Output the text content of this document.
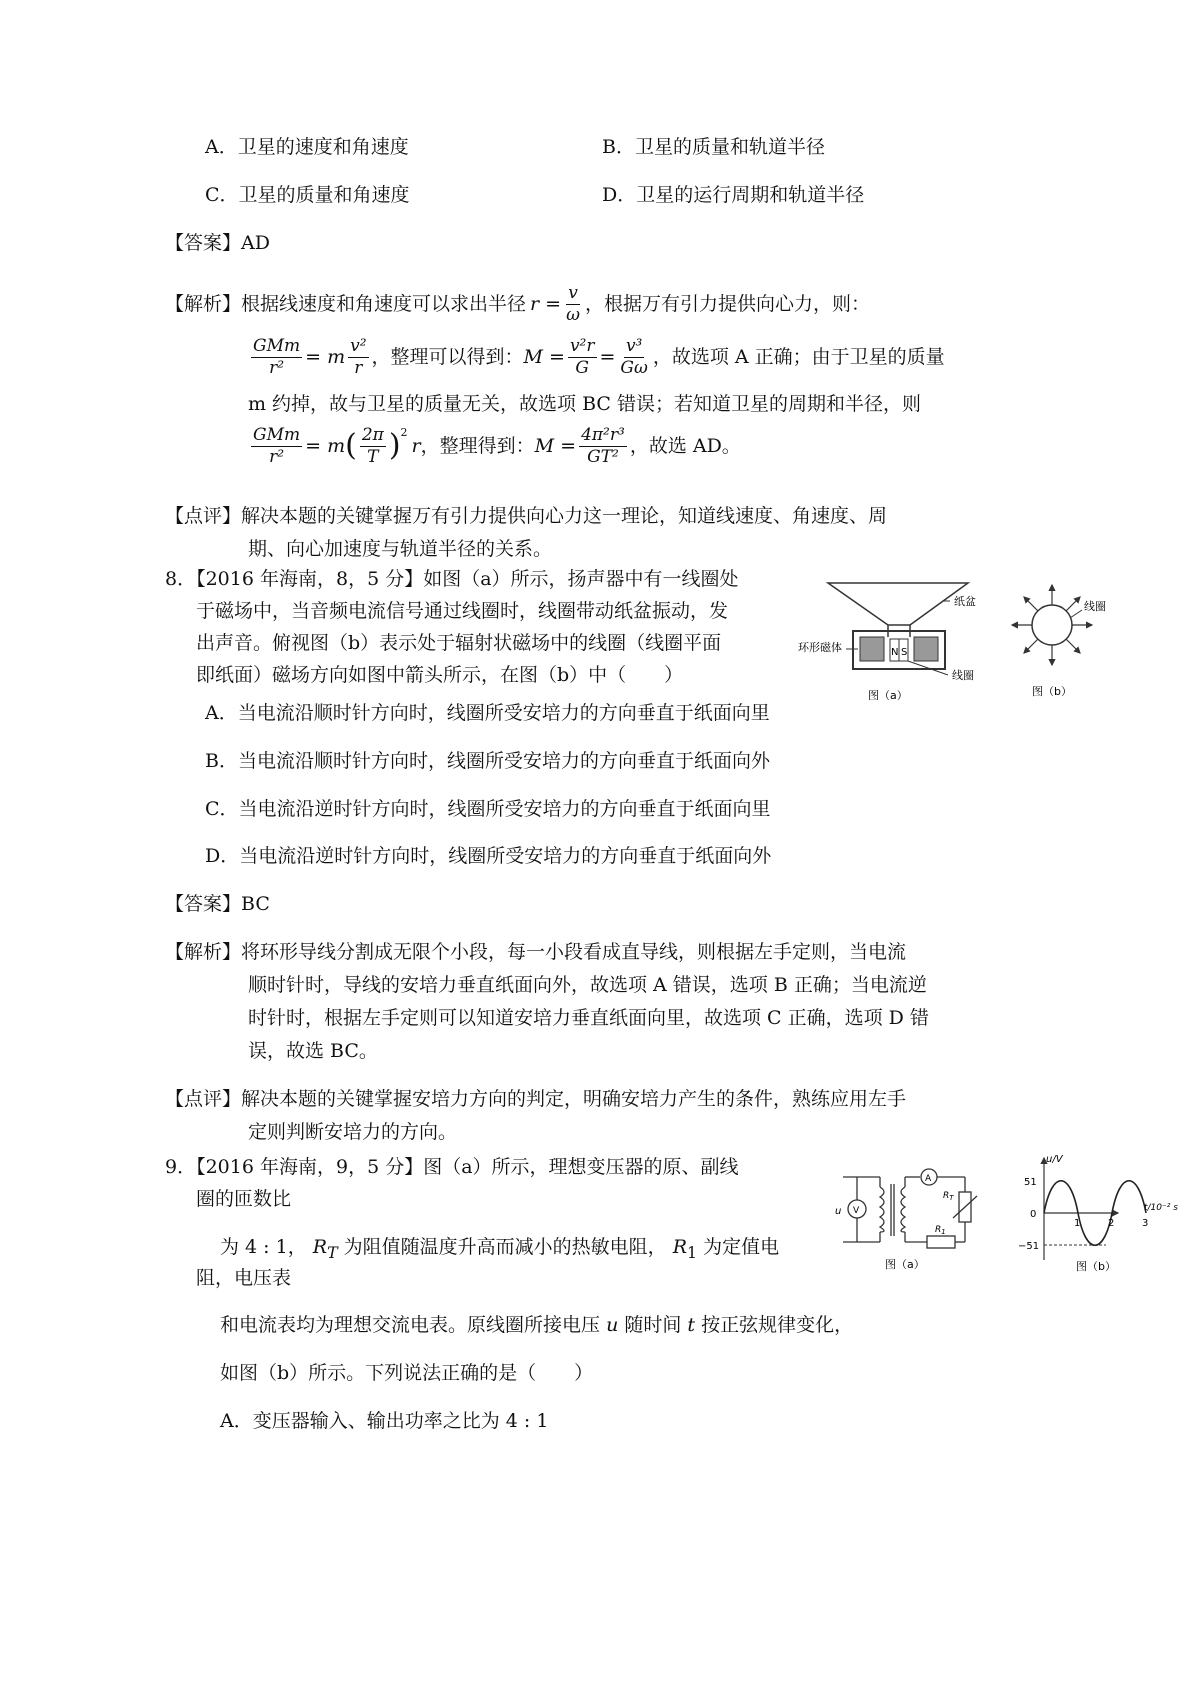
A．卫星的速度和角速度	B．卫星的质量和轨道半径
C．卫星的质量和角速度	D．卫星的运行周期和轨道半径
【答案】AD
【解析】根据线速度和角速度可以求出半径 $r = \frac{v}{\omega}$ ，根据万有引力提供向心力，则：
$\frac{\text{GMm}}{\text{r²}} = m \frac{\text{v²}}{r}$ ，整理可以得到： $M = \frac{\text{v²r}}{G} = \frac{\text{v³}}{G\omega}$ ，故选项 A 正确；由于卫星的质量
m 约掉，故与卫星的质量无关，故选项 BC 错误；若知道卫星的周期和半径，则
$\frac{\text{GMm}}{\text{r²}} = m$ ( $\frac{2\pi}{T} )^2$
r ，整理得到： $M = \frac{\text{4π²r³}}{\text{GT²}}$ ，故选 AD。
【点评】解决本题的关键掌握万有引力提供向心力这一理论，知道线速度、角速度、周
期、向心加速度与轨道半径的关系。
8．【2016 年海南，8，5 分】如图（a）所示，扬声器中有一线圈处
于磁场中，当音频电流信号通过线圈时，线圈带动纸盆振动，发
出声音。俯视图（b）表示处于辐射状磁场中的线圈（线圈平面
即纸面）磁场方向如图中箭头所示，在图（b）中（　　）
N S
纸盆
环形磁体
线圈
图（a）
线圈
图（b）
A．当电流沿顺时针方向时，线圈所受安培力的方向垂直于纸面向里
B．当电流沿顺时针方向时，线圈所受安培力的方向垂直于纸面向外
C．当电流沿逆时针方向时，线圈所受安培力的方向垂直于纸面向里
D．当电流沿逆时针方向时，线圈所受安培力的方向垂直于纸面向外
【答案】BC
【解析】将环形导线分割成无限个小段，每一小段看成直导线，则根据左手定则，当电流
顺时针时，导线的安培力垂直纸面向外，故选项 A 错误，选项 B 正确；当电流逆
时针时，根据左手定则可以知道安培力垂直纸面向里，故选项 C 正确，选项 D 错
误，故选 BC。
【点评】解决本题的关键掌握安培力方向的判定，明确安培力产生的条件，熟练应用左手
定则判断安培力的方向。
9．【2016 年海南，9，5 分】图（a）所示，理想变压器的原、副线
圈的匝数比
为 4 : 1， $R_T$ 为阻值随温度升高而减小的热敏电阻， $R_1$ 为定值电
阻，电压表
和电流表均为理想交流电表。原线圈所接电压 u 随时间 t 按正弦规律变化，
如图（b）所示。下列说法正确的是（　　）
A．变压器输入、输出功率之比为 4 : 1
u V
A
$R_T$
$R_1$
图（a）
u/V
51
0
−51
1	2	3
t/10⁻² s
图（b）
